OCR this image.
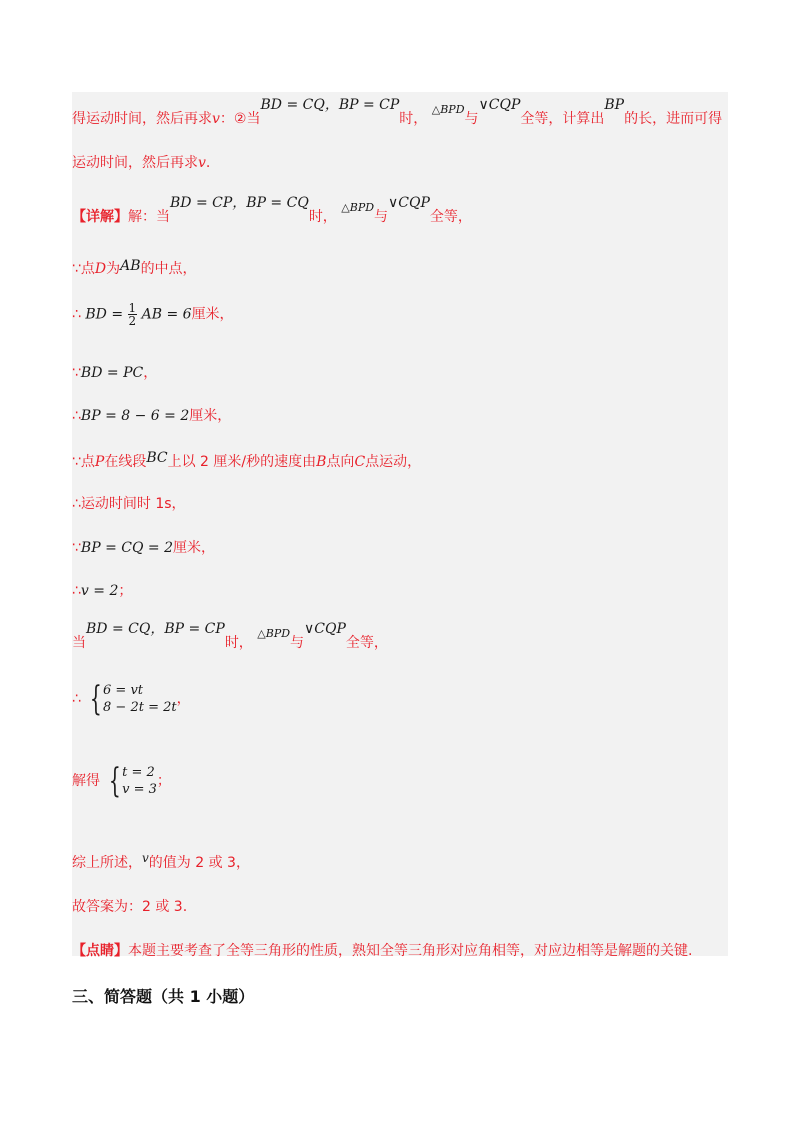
得运动时间，然后再求v：②当BD = CQ，BP = CP时， $^{\triangle BPD}$与∨CQP全等，计算出BP的长，进而可得
运动时间，然后再求v.
【详解】解：当BD = CP，BP = CQ时， $^{\triangle BPD}$与∨CQP全等，
∵点D为AB的中点，
∴ BD = $\frac{1}{2}$ AB = 6厘米，
∵BD = PC，
∴BP = 8 − 6 = 2厘米，
∵点P在线段BC上以 2 厘米/秒的速度由B点向C点运动，
∴运动时间时 1s，
∵BP = CQ = 2厘米，
∴v = 2；
当BD = CQ，BP = CP时， $^{\triangle BPD}$与∨CQP全等，
∴ { 6 = vt
8 − 2t = 2t
，
解得 { t = 2
v = 3
；
综上所述，v的值为 2 或 3，
故答案为：2 或 3.
【点睛】本题主要考查了全等三角形的性质，熟知全等三角形对应角相等，对应边相等是解题的关键.
三、简答题（共 1 小题）
